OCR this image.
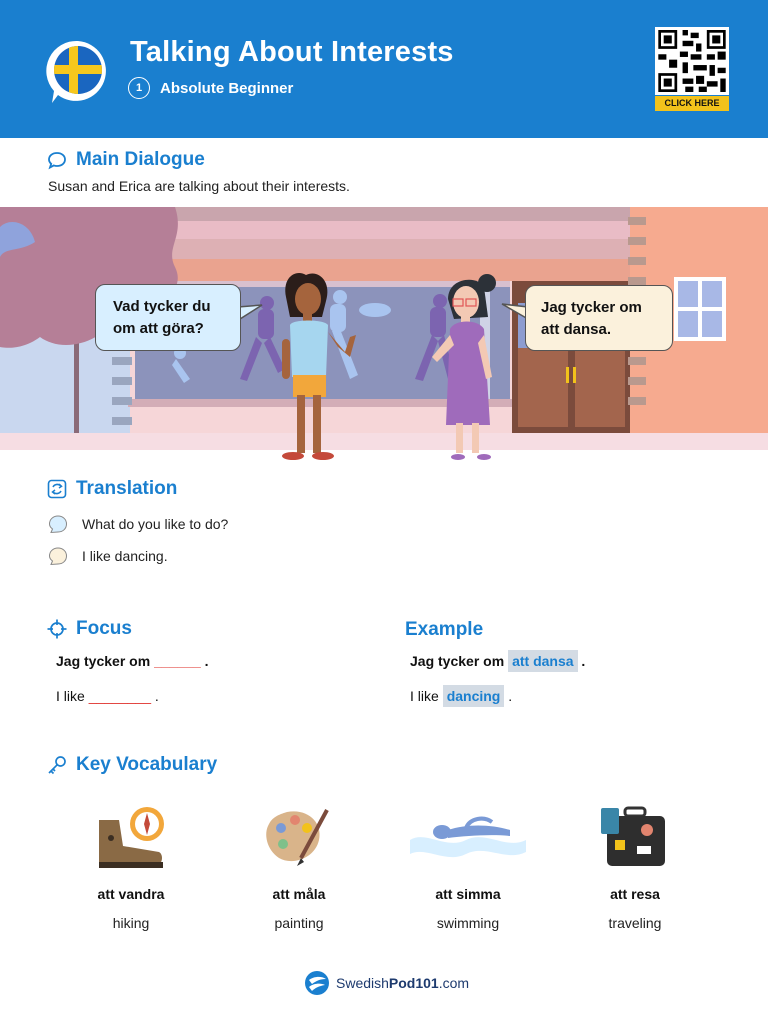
Talking About Interests
1	Absolute Beginner
CLICK HERE
Main Dialogue
Susan and Erica are talking about their interests.
Vad tycker du
om att göra?
Jag tycker om
att dansa.
Translation
What do you like to do?
I like dancing.
Focus
Jag tycker om ______ .
I like ________ .
Example
Jag tycker om att dansa .
I like dancing .
Key Vocabulary
att vandra
hiking
att måla
painting
att simma
swimming
att resa
traveling
SwedishPod101.com
